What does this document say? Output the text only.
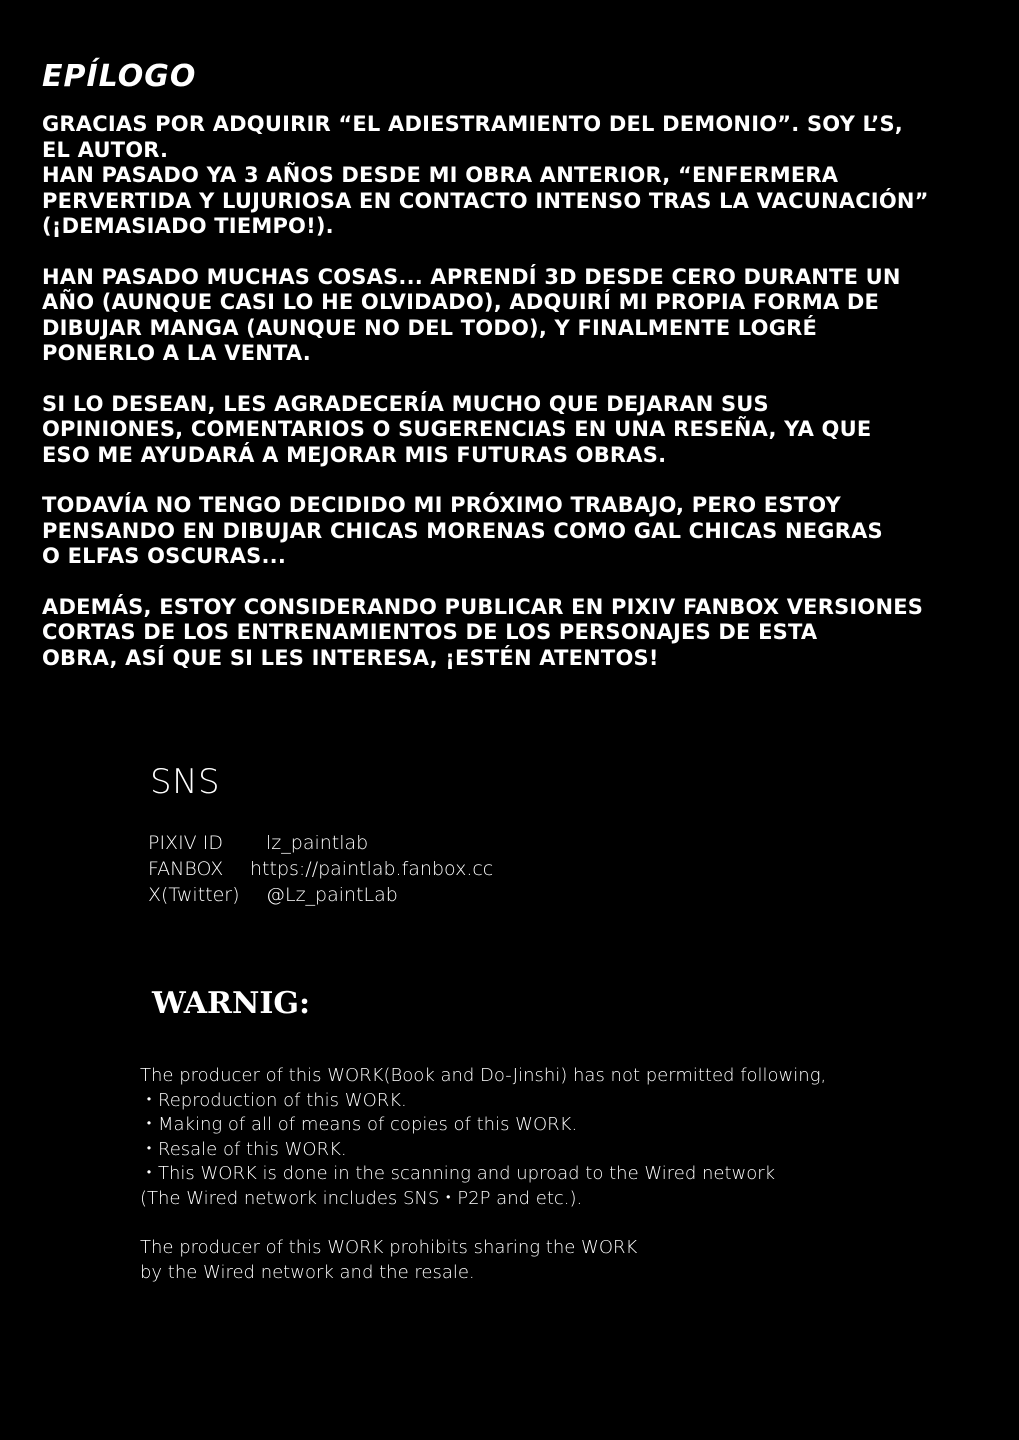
EPÍLOGO
GRACIAS POR ADQUIRIR “EL ADIESTRAMIENTO DEL DEMONIO”. SOY L’S,
EL AUTOR.
HAN PASADO YA 3 AÑOS DESDE MI OBRA ANTERIOR, “ENFERMERA
PERVERTIDA Y LUJURIOSA EN CONTACTO INTENSO TRAS LA VACUNACIÓN”
(¡DEMASIADO TIEMPO!).
HAN PASADO MUCHAS COSAS... APRENDÍ 3D DESDE CERO DURANTE UN
AÑO (AUNQUE CASI LO HE OLVIDADO), ADQUIRÍ MI PROPIA FORMA DE
DIBUJAR MANGA (AUNQUE NO DEL TODO), Y FINALMENTE LOGRÉ
PONERLO A LA VENTA.
SI LO DESEAN, LES AGRADECERÍA MUCHO QUE DEJARAN SUS
OPINIONES, COMENTARIOS O SUGERENCIAS EN UNA RESEÑA, YA QUE
ESO ME AYUDARÁ A MEJORAR MIS FUTURAS OBRAS.
TODAVÍA NO TENGO DECIDIDO MI PRÓXIMO TRABAJO, PERO ESTOY
PENSANDO EN DIBUJAR CHICAS MORENAS COMO GAL CHICAS NEGRAS
O ELFAS OSCURAS...
ADEMÁS, ESTOY CONSIDERANDO PUBLICAR EN PIXIV FANBOX VERSIONES
CORTAS DE LOS ENTRENAMIENTOS DE LOS PERSONAJES DE ESTA
OBRA, ASÍ QUE SI LES INTERESA, ¡ESTÉN ATENTOS!
SNS
PIXIV ID	lz_paintlab
FANBOX	https://paintlab.fanbox.cc
X(Twitter)	@Lz_paintLab
WARNIG:
The producer of this WORK(Book and Do-Jinshi) has not permitted following,
・Reproduction of this WORK.
・Making of all of means of copies of this WORK.
・Resale of this WORK.
・This WORK is done in the scanning and uproad to the Wired network
(The Wired network includes SNS・P2P and etc.).
The producer of this WORK prohibits sharing the WORK
by the Wired network and the resale.
